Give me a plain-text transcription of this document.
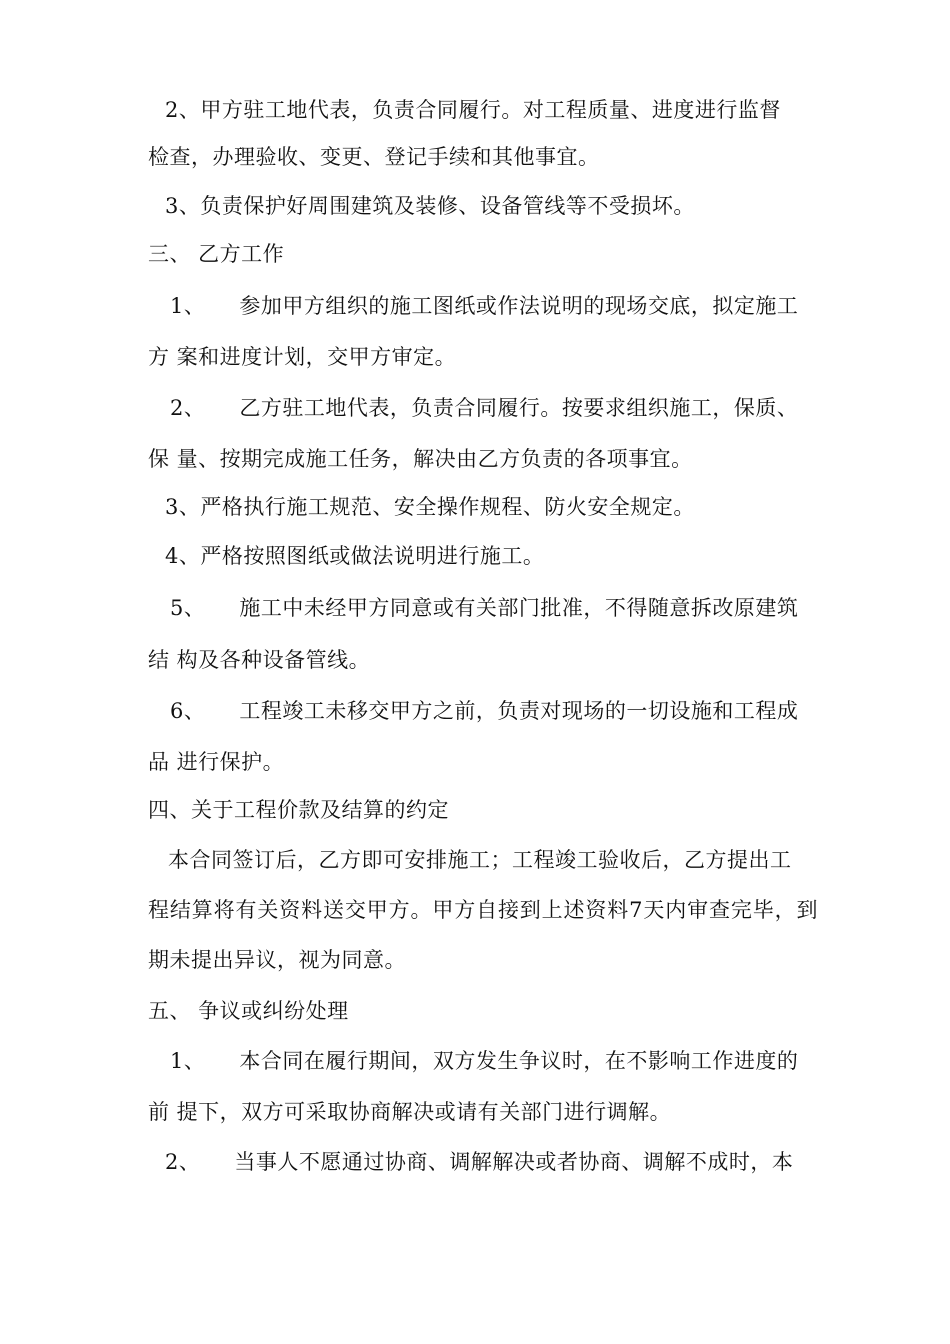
2、甲方驻工地代表，负责合同履行。对工程质量、进度进行监督
检查，办理验收、变更、登记手续和其他事宜。
3、负责保护好周围建筑及装修、设备管线等不受损坏。
三、 乙方工作
1、 参加甲方组织的施工图纸或作法说明的现场交底，拟定施工
方 案和进度计划，交甲方审定。
2、 乙方驻工地代表，负责合同履行。按要求组织施工，保质、
保 量、按期完成施工任务，解决由乙方负责的各项事宜。
3、严格执行施工规范、安全操作规程、防火安全规定。
4、严格按照图纸或做法说明进行施工。
5、 施工中未经甲方同意或有关部门批准，不得随意拆改原建筑
结 构及各种设备管线。
6、 工程竣工未移交甲方之前，负责对现场的一切设施和工程成
品 进行保护。
四、关于工程价款及结算的约定
本合同签订后，乙方即可安排施工；工程竣工验收后，乙方提出工
程结算将有关资料送交甲方。甲方自接到上述资料7天内审查完毕，到
期未提出异议，视为同意。
五、 争议或纠纷处理
1、 本合同在履行期间，双方发生争议时，在不影响工作进度的
前 提下，双方可采取协商解决或请有关部门进行调解。
2、 当事人不愿通过协商、调解解决或者协商、调解不成时，本
